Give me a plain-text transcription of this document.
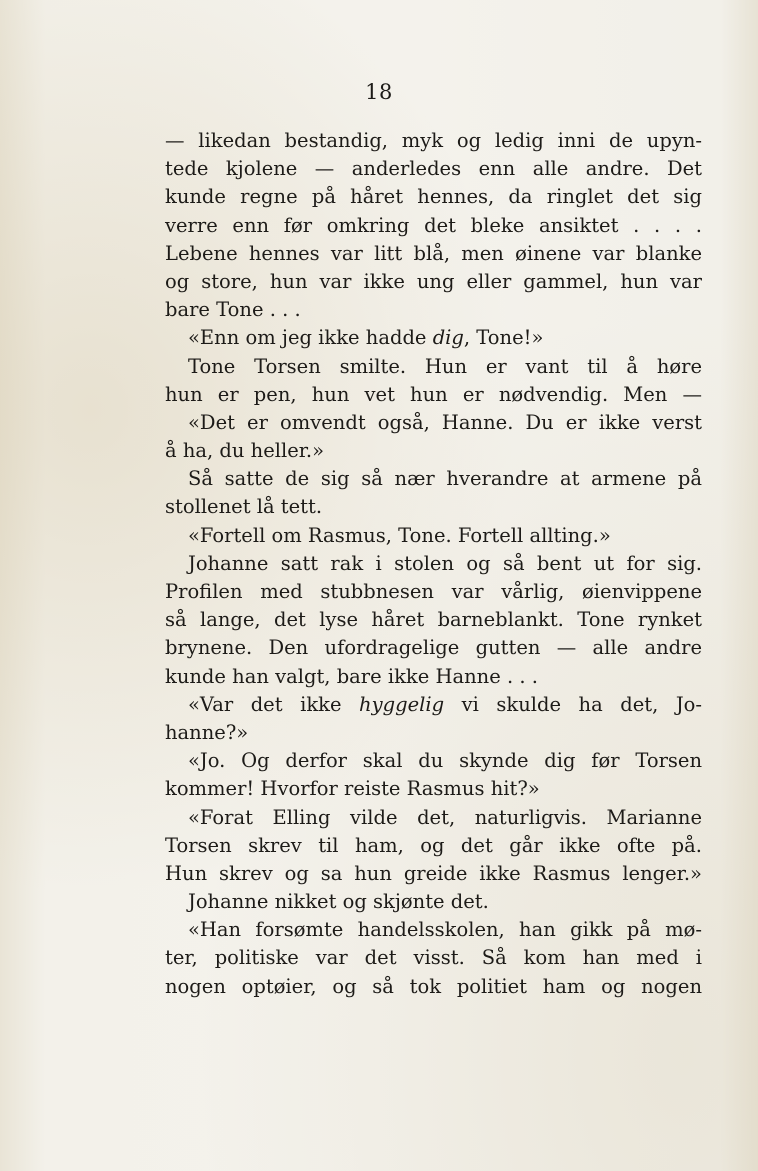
18
— likedan bestandig, myk og ledig inni de upyn-
tede kjolene — anderledes enn alle andre. Det
kunde regne på håret hennes, da ringlet det sig
verre enn før omkring det bleke ansiktet . . . .
Lebene hennes var litt blå, men øinene var blanke
og store, hun var ikke ung eller gammel, hun var
bare Tone . . .
«Enn om jeg ikke hadde dig, Tone!»
Tone Torsen smilte. Hun er vant til å høre
hun er pen, hun vet hun er nødvendig. Men —
«Det er omvendt også, Hanne. Du er ikke verst
å ha, du heller.»
Så satte de sig så nær hverandre at armene på
stollenet lå tett.
«Fortell om Rasmus, Tone. Fortell allting.»
Johanne satt rak i stolen og så bent ut for sig.
Profilen med stubbnesen var vårlig, øienvippene
så lange, det lyse håret barneblankt. Tone rynket
brynene. Den ufordragelige gutten — alle andre
kunde han valgt, bare ikke Hanne . . .
«Var det ikke hyggelig vi skulde ha det, Jo-
hanne?»
«Jo. Og derfor skal du skynde dig før Torsen
kommer! Hvorfor reiste Rasmus hit?»
«Forat Elling vilde det, naturligvis. Marianne
Torsen skrev til ham, og det går ikke ofte på.
Hun skrev og sa hun greide ikke Rasmus lenger.»
Johanne nikket og skjønte det.
«Han forsømte handelsskolen, han gikk på mø-
ter, politiske var det visst. Så kom han med i
nogen optøier, og så tok politiet ham og nogen
